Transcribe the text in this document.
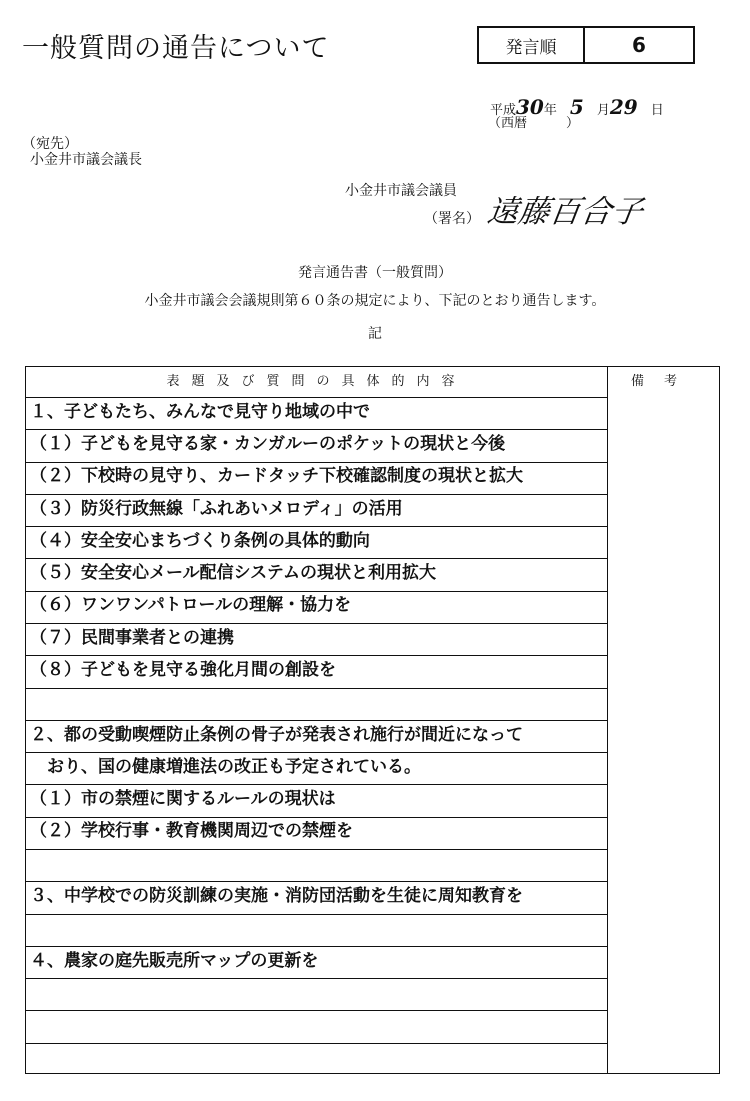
一般質問の通告について	発言順	6
平成30年　 5　 月29　 日
（西暦　　　）
（宛先）
小金井市議会議長
小金井市議会議員
（署名） 遠藤百合子
発言通告書（一般質問）
小金井市議会会議規則第６０条の規定により、下記のとおり通告します。
記
表題及び質問の具体的内容	備考
１、子どもたち、みんなで見守り地域の中で
（１）子どもを見守る家・カンガルーのポケットの現状と今後
（２）下校時の見守り、カードタッチ下校確認制度の現状と拡大
（３）防災行政無線「ふれあいメロディ」の活用
（４）安全安心まちづくり条例の具体的動向
（５）安全安心メール配信システムの現状と利用拡大
（６）ワンワンパトロールの理解・協力を
（７）民間事業者との連携
（８）子どもを見守る強化月間の創設を
２、都の受動喫煙防止条例の骨子が発表され施行が間近になって
　おり、国の健康増進法の改正も予定されている。
（１）市の禁煙に関するルールの現状は
（２）学校行事・教育機関周辺での禁煙を
３、中学校での防災訓練の実施・消防団活動を生徒に周知教育を
４、農家の庭先販売所マップの更新を
